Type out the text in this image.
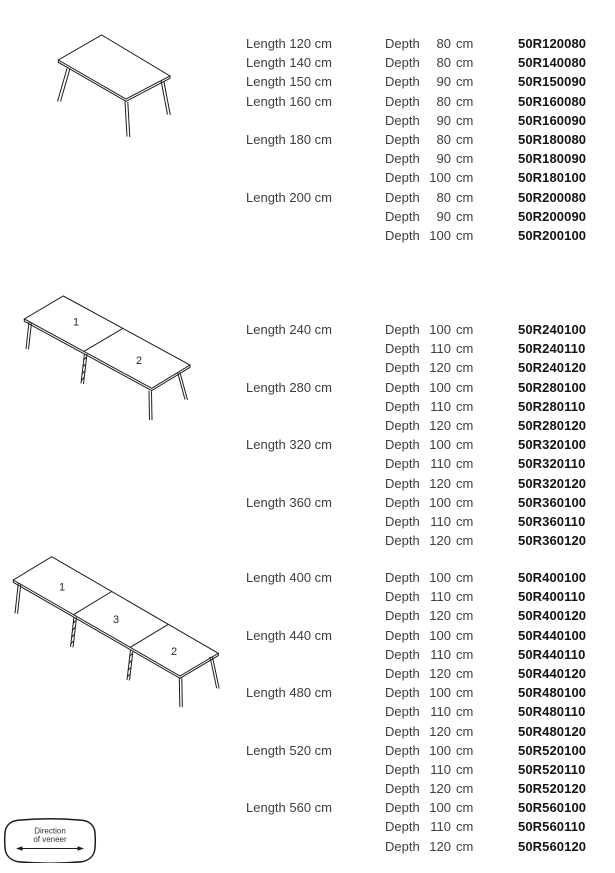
1
2
1
3
2
Length 120 cm	Depth	80 cm	50R120080
Length 140 cm	Depth	80 cm	50R140080
Length 150 cm	Depth	90 cm	50R150090
Length 160 cm	Depth	80 cm	50R160080
Depth	90 cm	50R160090
Length 180 cm	Depth	80 cm	50R180080
Depth	90 cm	50R180090
Depth 100 cm	50R180100
Length 200 cm	Depth	80 cm	50R200080
Depth	90 cm	50R200090
Depth 100 cm	50R200100
Length 240 cm	Depth 100 cm	50R240100
Depth 110 cm	50R240110
Depth 120 cm	50R240120
Length 280 cm	Depth 100 cm	50R280100
Depth 110 cm	50R280110
Depth 120 cm	50R280120
Length 320 cm	Depth 100 cm	50R320100
Depth 110 cm	50R320110
Depth 120 cm	50R320120
Length 360 cm	Depth 100 cm	50R360100
Depth 110 cm	50R360110
Depth 120 cm	50R360120
Length 400 cm	Depth 100 cm	50R400100
Depth 110 cm	50R400110
Depth 120 cm	50R400120
Length 440 cm	Depth 100 cm	50R440100
Depth 110 cm	50R440110
Depth 120 cm	50R440120
Length 480 cm	Depth 100 cm	50R480100
Depth 110 cm	50R480110
Depth 120 cm	50R480120
Length 520 cm	Depth 100 cm	50R520100
Depth 110 cm	50R520110
Depth 120 cm	50R520120
Length 560 cm	Depth 100 cm	50R560100
Depth 110 cm	50R560110
Depth 120 cm	50R560120
Direction
of veneer
